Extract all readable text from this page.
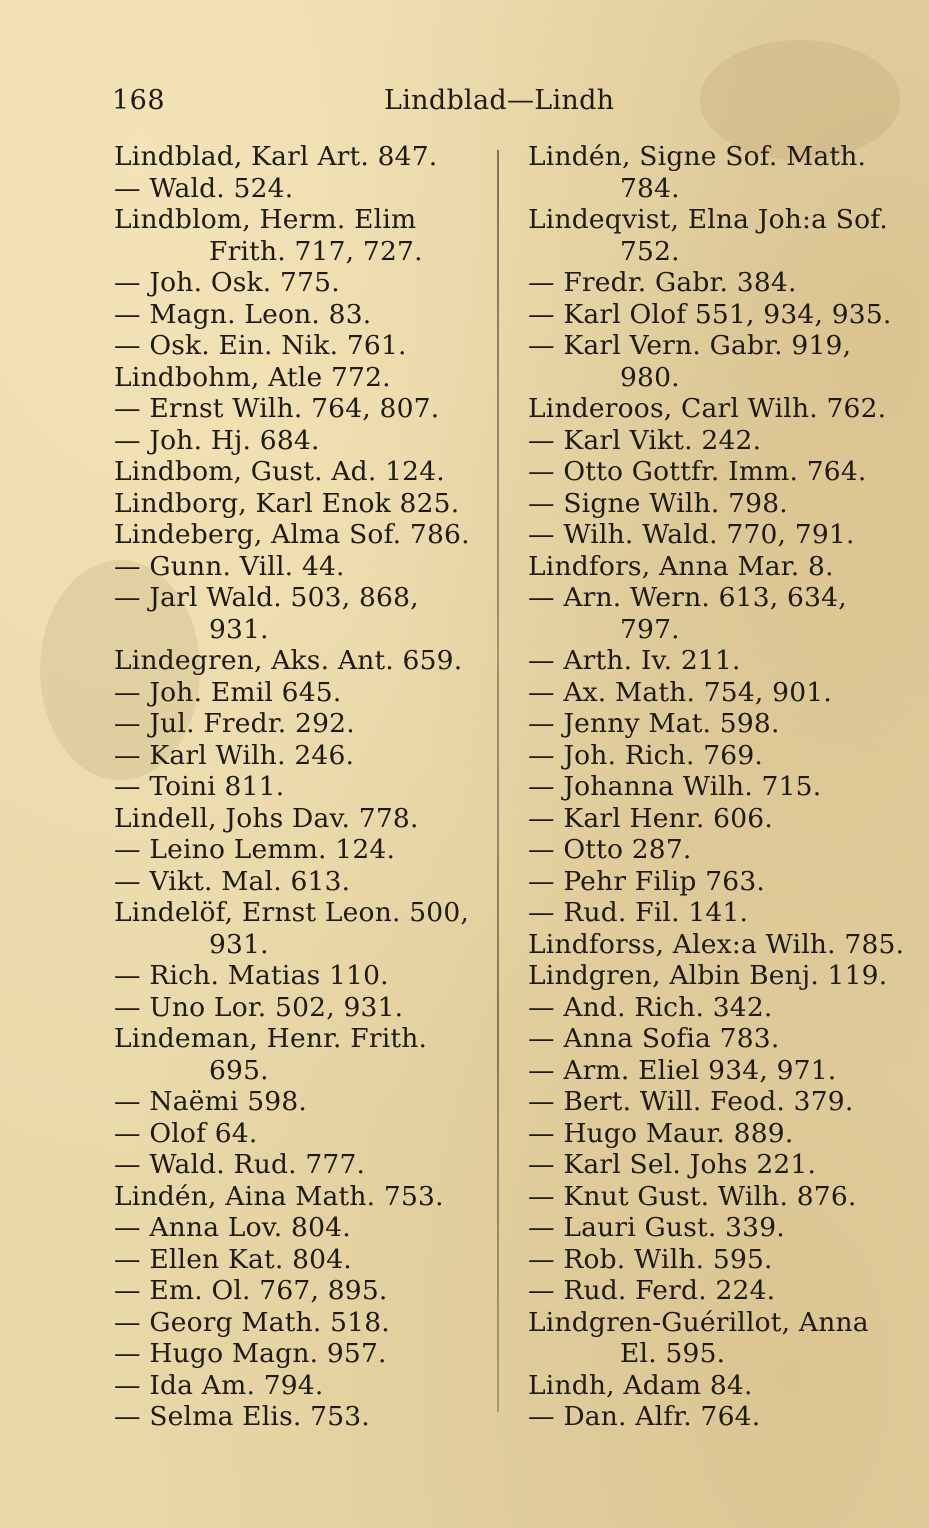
168	Lindblad—Lindh
Lindblad, Karl Art. 847.
— Wald. 524.
Lindblom, Herm. Elim
Frith. 717, 727.
— Joh. Osk. 775.
— Magn. Leon. 83.
— Osk. Ein. Nik. 761.
Lindbohm, Atle 772.
— Ernst Wilh. 764, 807.
— Joh. Hj. 684.
Lindbom, Gust. Ad. 124.
Lindborg, Karl Enok 825.
Lindeberg, Alma Sof. 786.
— Gunn. Vill. 44.
— Jarl Wald. 503, 868,
931.
Lindegren, Aks. Ant. 659.
— Joh. Emil 645.
— Jul. Fredr. 292.
— Karl Wilh. 246.
— Toini 811.
Lindell, Johs Dav. 778.
— Leino Lemm. 124.
— Vikt. Mal. 613.
Lindelöf, Ernst Leon. 500,
931.
— Rich. Matias 110.
— Uno Lor. 502, 931.
Lindeman, Henr. Frith.
695.
— Naëmi 598.
— Olof 64.
— Wald. Rud. 777.
Lindén, Aina Math. 753.
— Anna Lov. 804.
— Ellen Kat. 804.
— Em. Ol. 767, 895.
— Georg Math. 518.
— Hugo Magn. 957.
— Ida Am. 794.
— Selma Elis. 753.
Lindén, Signe Sof. Math.
784.
Lindeqvist, Elna Joh:a Sof.
752.
— Fredr. Gabr. 384.
— Karl Olof 551, 934, 935.
— Karl Vern. Gabr. 919,
980.
Linderoos, Carl Wilh. 762.
— Karl Vikt. 242.
— Otto Gottfr. Imm. 764.
— Signe Wilh. 798.
— Wilh. Wald. 770, 791.
Lindfors, Anna Mar. 8.
— Arn. Wern. 613, 634,
797.
— Arth. Iv. 211.
— Ax. Math. 754, 901.
— Jenny Mat. 598.
— Joh. Rich. 769.
— Johanna Wilh. 715.
— Karl Henr. 606.
— Otto 287.
— Pehr Filip 763.
— Rud. Fil. 141.
Lindforss, Alex:a Wilh. 785.
Lindgren, Albin Benj. 119.
— And. Rich. 342.
— Anna Sofia 783.
— Arm. Eliel 934, 971.
— Bert. Will. Feod. 379.
— Hugo Maur. 889.
— Karl Sel. Johs 221.
— Knut Gust. Wilh. 876.
— Lauri Gust. 339.
— Rob. Wilh. 595.
— Rud. Ferd. 224.
Lindgren-Guérillot, Anna
El. 595.
Lindh, Adam 84.
— Dan. Alfr. 764.
